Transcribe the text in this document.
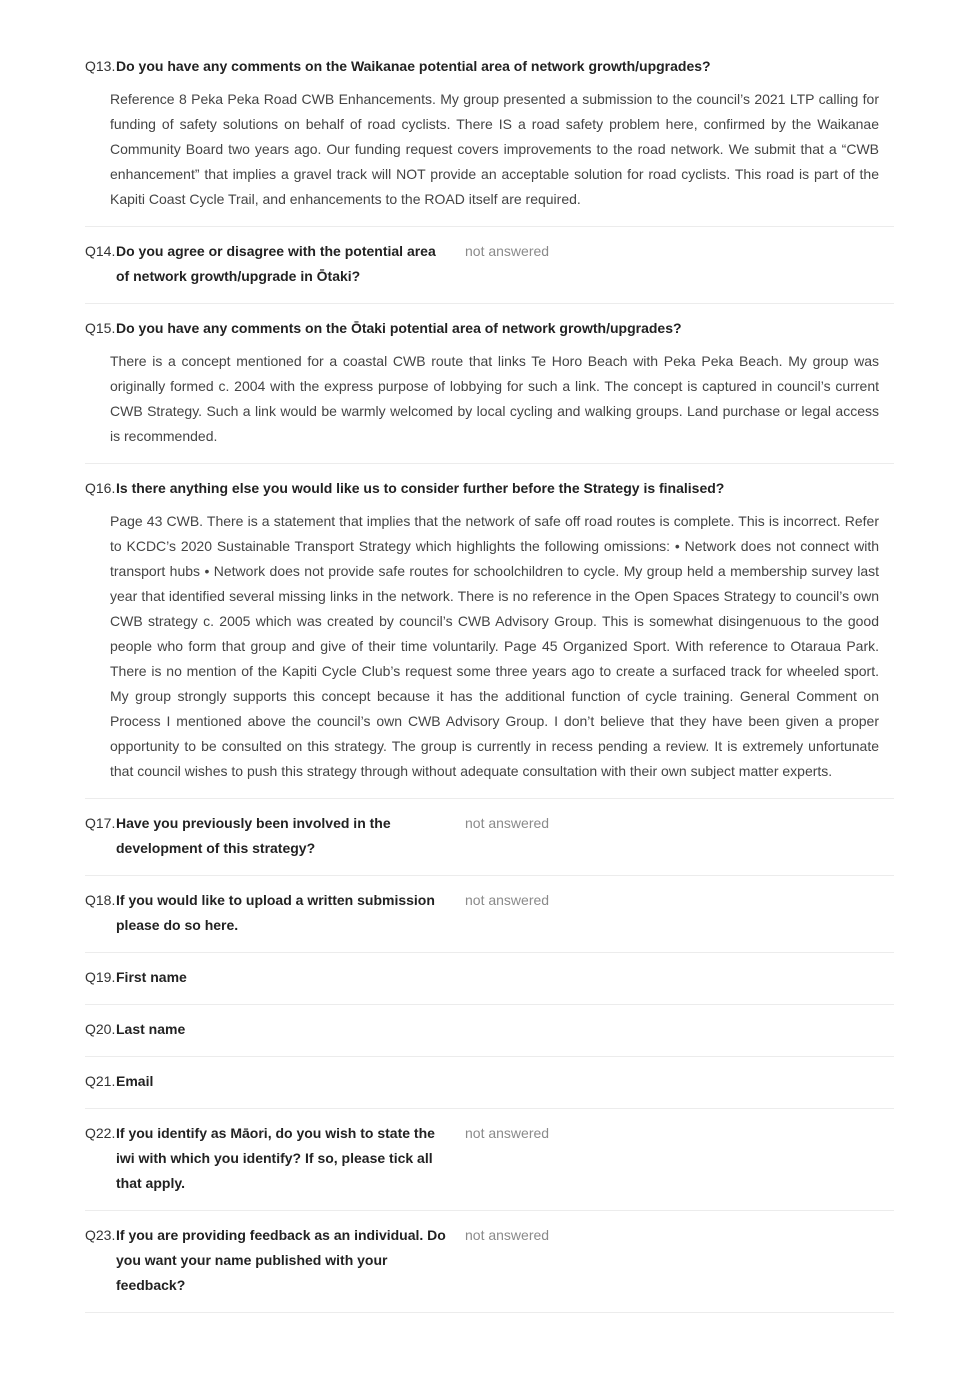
Q13. Do you have any comments on the Waikanae potential area of network growth/upgrades?
Reference 8 Peka Peka Road CWB Enhancements. My group presented a submission to the council’s 2021 LTP calling for funding of safety solutions on behalf of road cyclists. There IS a road safety problem here, confirmed by the Waikanae Community Board two years ago. Our funding request covers improvements to the road network. We submit that a “CWB enhancement” that implies a gravel track will NOT provide an acceptable solution for road cyclists. This road is part of the Kapiti Coast Cycle Trail, and enhancements to the ROAD itself are required.
Q14. Do you agree or disagree with the potential area of network growth/upgrade in Ōtaki?
not answered
Q15. Do you have any comments on the Ōtaki potential area of network growth/upgrades?
There is a concept mentioned for a coastal CWB route that links Te Horo Beach with Peka Peka Beach. My group was originally formed c. 2004 with the express purpose of lobbying for such a link. The concept is captured in council’s current CWB Strategy. Such a link would be warmly welcomed by local cycling and walking groups. Land purchase or legal access is recommended.
Q16. Is there anything else you would like us to consider further before the Strategy is finalised?
Page 43 CWB. There is a statement that implies that the network of safe off road routes is complete. This is incorrect. Refer to KCDC’s 2020 Sustainable Transport Strategy which highlights the following omissions: • Network does not connect with transport hubs • Network does not provide safe routes for schoolchildren to cycle. My group held a membership survey last year that identified several missing links in the network. There is no reference in the Open Spaces Strategy to council’s own CWB strategy c. 2005 which was created by council’s CWB Advisory Group. This is somewhat disingenuous to the good people who form that group and give of their time voluntarily. Page 45 Organized Sport. With reference to Otaraua Park. There is no mention of the Kapiti Cycle Club’s request some three years ago to create a surfaced track for wheeled sport. My group strongly supports this concept because it has the additional function of cycle training. General Comment on Process I mentioned above the council’s own CWB Advisory Group. I don’t believe that they have been given a proper opportunity to be consulted on this strategy. The group is currently in recess pending a review. It is extremely unfortunate that council wishes to push this strategy through without adequate consultation with their own subject matter experts.
Q17. Have you previously been involved in the development of this strategy?
not answered
Q18. If you would like to upload a written submission please do so here.
not answered
Q19. First name
Q20. Last name
Q21. Email
Q22. If you identify as Māori, do you wish to state the iwi with which you identify? If so, please tick all that apply.
not answered
Q23. If you are providing feedback as an individual. Do you want your name published with your feedback?
not answered
